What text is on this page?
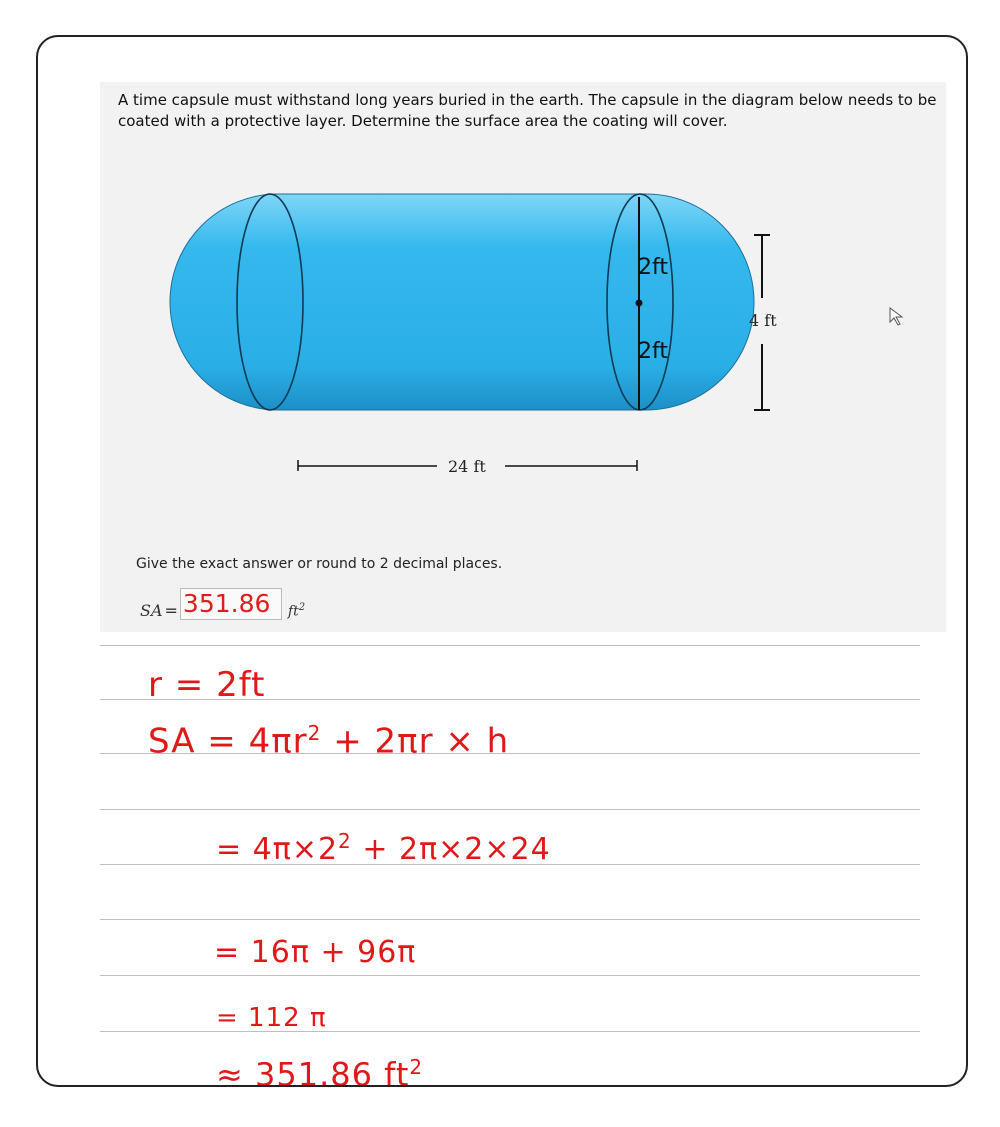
A time capsule must withstand long years buried in the earth. The capsule in the diagram below needs to be coated with a protective layer. Determine the surface area the coating will cover.
2ft
2ft
4 ft
24 ft
Give the exact answer or round to 2 decimal places.
SA = 351.86 $ft^2$
r = 2ft
SA = $4\pi r^2 + 2\pi r \times h$
= $4\pi\times 2^2 + 2\pi\times 2\times 24$
= 16π + 96π
= 112 π
≈ 351.86 $ft^2$
